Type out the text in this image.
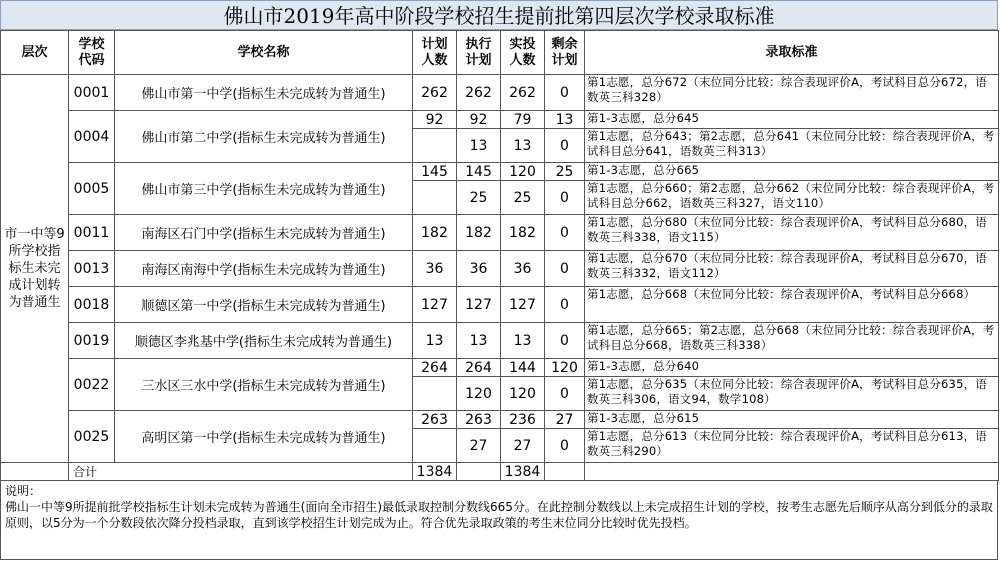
佛山市2019年高中阶段学校招生提前批第四层次学校录取标准
层次	学校代码	学校名称	计划人数	执行计划	实投人数	剩余计划	录取标准
市一中等9所学校指标生未完成计划转为普通生	0001	佛山市第一中学(指标生未完成转为普通生)	262	262	262	0	第1志愿，总分672（末位同分比较：综合表现评价A，考试科目总分672，语数英三科328）
	0004	佛山市第二中学(指标生未完成转为普通生)	92	92	79	13	第1-3志愿，总分645
				13	13	0	第1志愿，总分643；第2志愿，总分641（末位同分比较：综合表现评价A，考试科目总分641，语数英三科313）
	0005	佛山市第三中学(指标生未完成转为普通生)	145	145	120	25	第1-3志愿，总分665
				25	25	0	第1志愿，总分660；第2志愿，总分662（末位同分比较：综合表现评价A，考试科目总分662，语数英三科327，语文110）
	0011	南海区石门中学(指标生未完成转为普通生)	182	182	182	0	第1志愿，总分680（末位同分比较：综合表现评价A，考试科目总分680，语数英三科338，语文115）
	0013	南海区南海中学(指标生未完成转为普通生)	36	36	36	0	第1志愿，总分670（末位同分比较：综合表现评价A，考试科目总分670，语数英三科332，语文112）
	0018	顺德区第一中学(指标生未完成转为普通生)	127	127	127	0	第1志愿，总分668（末位同分比较：综合表现评价A，考试科目总分668）
	0019	顺德区李兆基中学(指标生未完成转为普通生)	13	13	13	0	第1志愿，总分665；第2志愿，总分668（末位同分比较：综合表现评价A，考试科目总分668，语数英三科338）
	0022	三水区三水中学(指标生未完成转为普通生)	264	264	144	120	第1-3志愿，总分640
				120	120	0	第1志愿，总分635（末位同分比较：综合表现评价A，考试科目总分635，语数英三科306，语文94，数学108）
	0025	高明区第一中学(指标生未完成转为普通生)	263	263	236	27	第1-3志愿，总分615
				27	27	0	第1志愿，总分613（末位同分比较：综合表现评价A，考试科目总分613，语数英三科290）
	合计		1384		1384		
说明：
佛山一中等9所提前批学校指标生计划未完成转为普通生(面向全市招生)最低录取控制分数线665分。在此控制分数线以上未完成招生计划的学校，按考生志愿先后顺序从高分到低分的录取原则，以5分为一个分数段依次降分投档录取，直到该学校招生计划完成为止。符合优先录取政策的考生末位同分比较时优先投档。
